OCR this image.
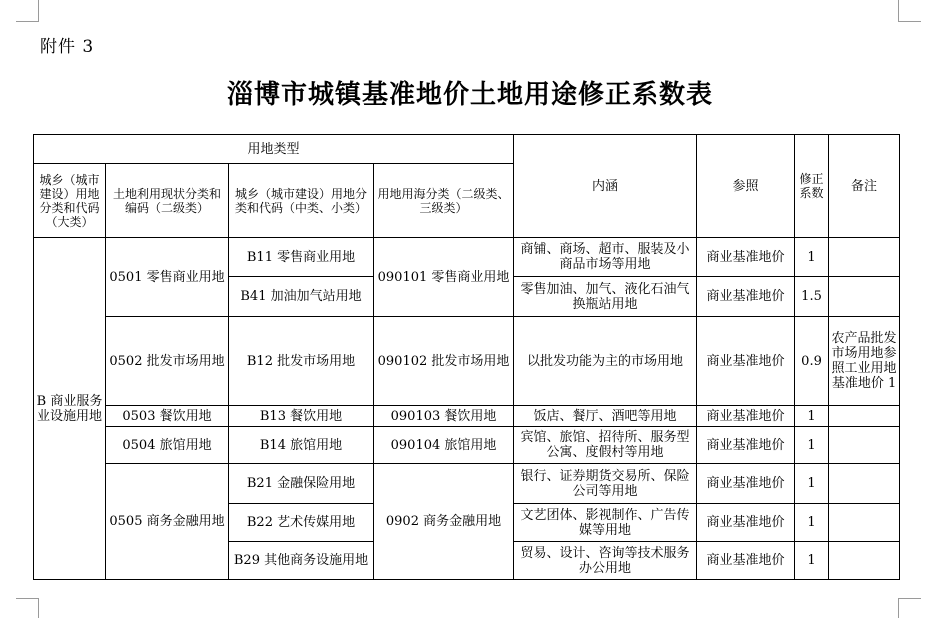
附件 3
淄博市城镇基准地价土地用途修正系数表
用地类型				内涵	参照	修正系数	备注
城乡（城市建设）用地分类和代码（大类）	土地利用现状分类和编码（二级类）	城乡（城市建设）用地分类和代码（中类、小类）	用地用海分类（二级类、三级类）				
B 商业服务业设施用地	0501 零售商业用地	B11 零售商业用地	090101 零售商业用地	商铺、商场、超市、服装及小商品市场等用地	商业基准地价	1	
		B41 加油加气站用地		零售加油、加气、液化石油气换瓶站用地	商业基准地价	1.5	
	0502 批发市场用地	B12 批发市场用地	090102 批发市场用地	以批发功能为主的市场用地	商业基准地价	0.9	农产品批发市场用地参照工业用地基准地价 1
	0503 餐饮用地	B13 餐饮用地	090103 餐饮用地	饭店、餐厅、酒吧等用地	商业基准地价	1	
	0504 旅馆用地	B14 旅馆用地	090104 旅馆用地	宾馆、旅馆、招待所、服务型公寓、度假村等用地	商业基准地价	1	
	0505 商务金融用地	B21 金融保险用地	0902 商务金融用地	银行、证券期货交易所、保险公司等用地	商业基准地价	1	
		B22 艺术传媒用地		文艺团体、影视制作、广告传媒等用地	商业基准地价	1	
		B29 其他商务设施用地		贸易、设计、咨询等技术服务办公用地	商业基准地价	1	
